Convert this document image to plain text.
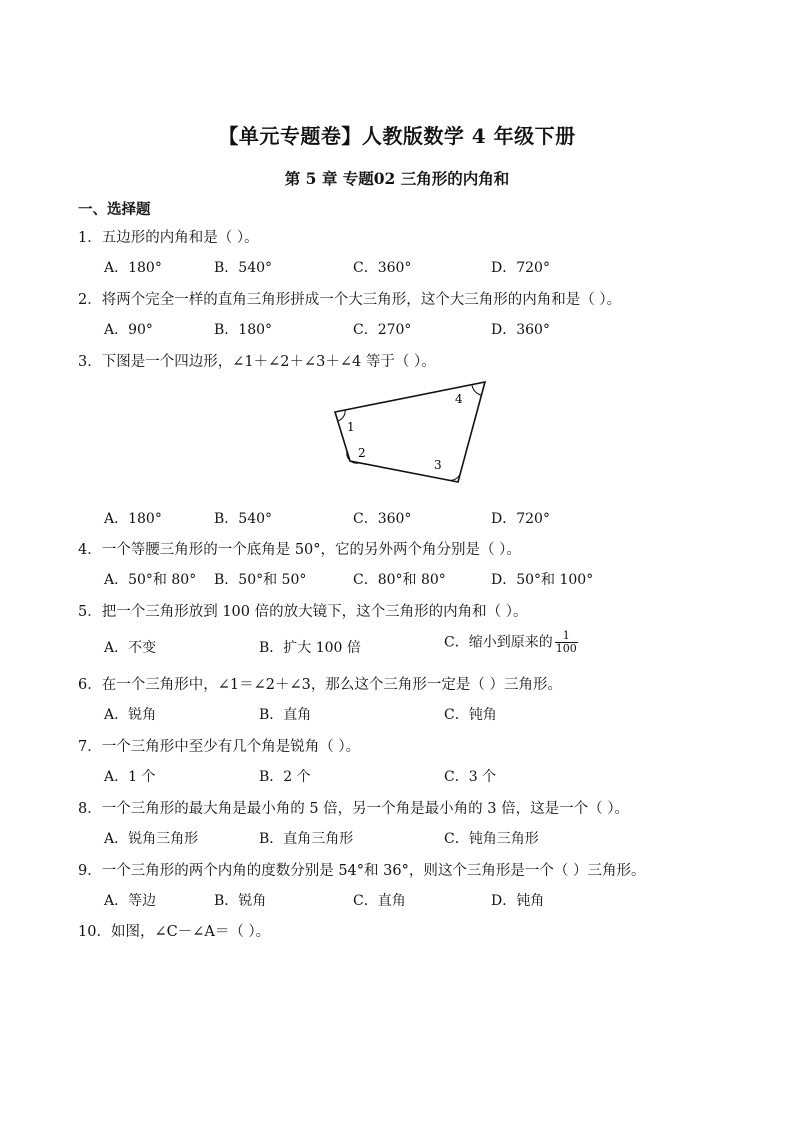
【单元专题卷】人教版数学 4 年级下册
第 5 章 专题02 三角形的内角和
一、选择题
1．五边形的内角和是（ ）。
A．180°	B．540°	C．360°	D．720°
2．将两个完全一样的直角三角形拼成一个大三角形，这个大三角形的内角和是（ ）。
A．90°	B．180°	C．270°	D．360°
3．下图是一个四边形，∠1＋∠2＋∠3＋∠4 等于（ ）。
1
2
3
4
A．180°	B．540°	C．360°	D．720°
4．一个等腰三角形的一个底角是 50°，它的另外两个角分别是（ ）。
A．50°和 80° B．50°和 50°	C．80°和 80°	D．50°和 100°
5．把一个三角形放到 100 倍的放大镜下，这个三角形的内角和（ ）。
A．不变	B．扩大 100 倍	C．缩小到原来的 $\frac{1}{100}$
6．在一个三角形中，∠1＝∠2＋∠3，那么这个三角形一定是（ ）三角形。
A．锐角	B．直角	C．钝角
7．一个三角形中至少有几个角是锐角（ ）。
A．1 个	B．2 个	C．3 个
8．一个三角形的最大角是最小角的 5 倍，另一个角是最小角的 3 倍，这是一个（ ）。
A．锐角三角形	B．直角三角形	C．钝角三角形
9．一个三角形的两个内角的度数分别是 54°和 36°，则这个三角形是一个（ ）三角形。
A．等边	B．锐角	C．直角	D．钝角
10．如图，∠C－∠A＝（ ）。
